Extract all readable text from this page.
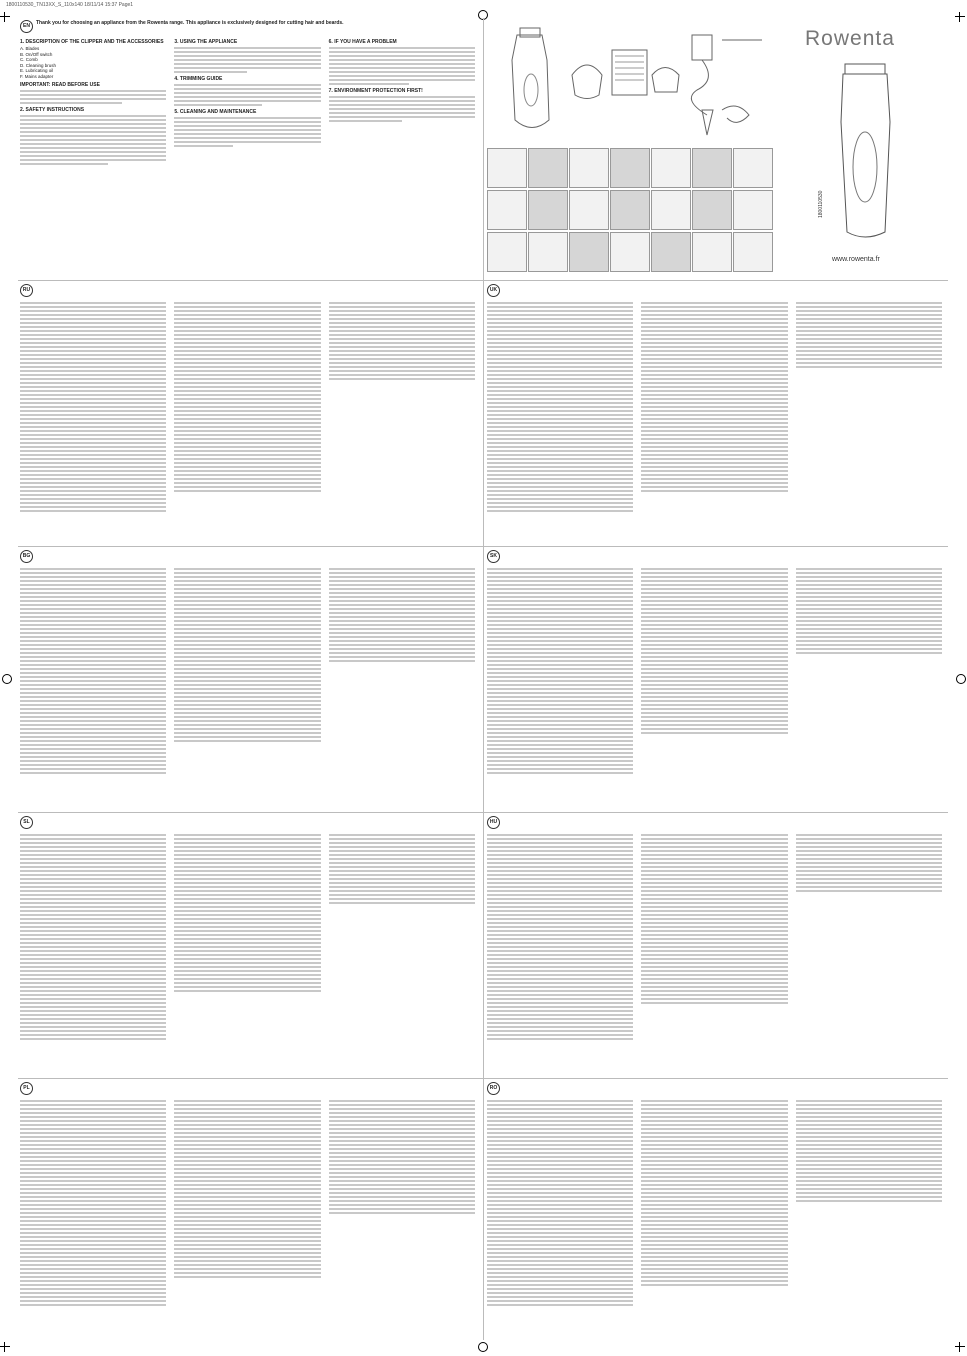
1800110530_TN13XX_S_110x140 18/11/14 15:37 Page1
EN	Thank you for choosing an appliance from the Rowenta range. This appliance is exclusively designed for cutting hair and beards.
1. DESCRIPTION OF THE CLIPPER AND THE ACCESSORIES
A. Blades
B. On/Off switch
C. Comb
D. Cleaning brush
E. Lubricating oil
F. Mains adapter
IMPORTANT: READ BEFORE USE
2. SAFETY INSTRUCTIONS
3. USING THE APPLIANCE
4. TRIMMING GUIDE
5. CLEANING AND MAINTENANCE
6. IF YOU HAVE A PROBLEM
7. ENVIRONMENT PROTECTION FIRST!
Rowenta
1800110530
www.rowenta.fr
RU	UK
BG	SK
SL	HU
PL	RO
